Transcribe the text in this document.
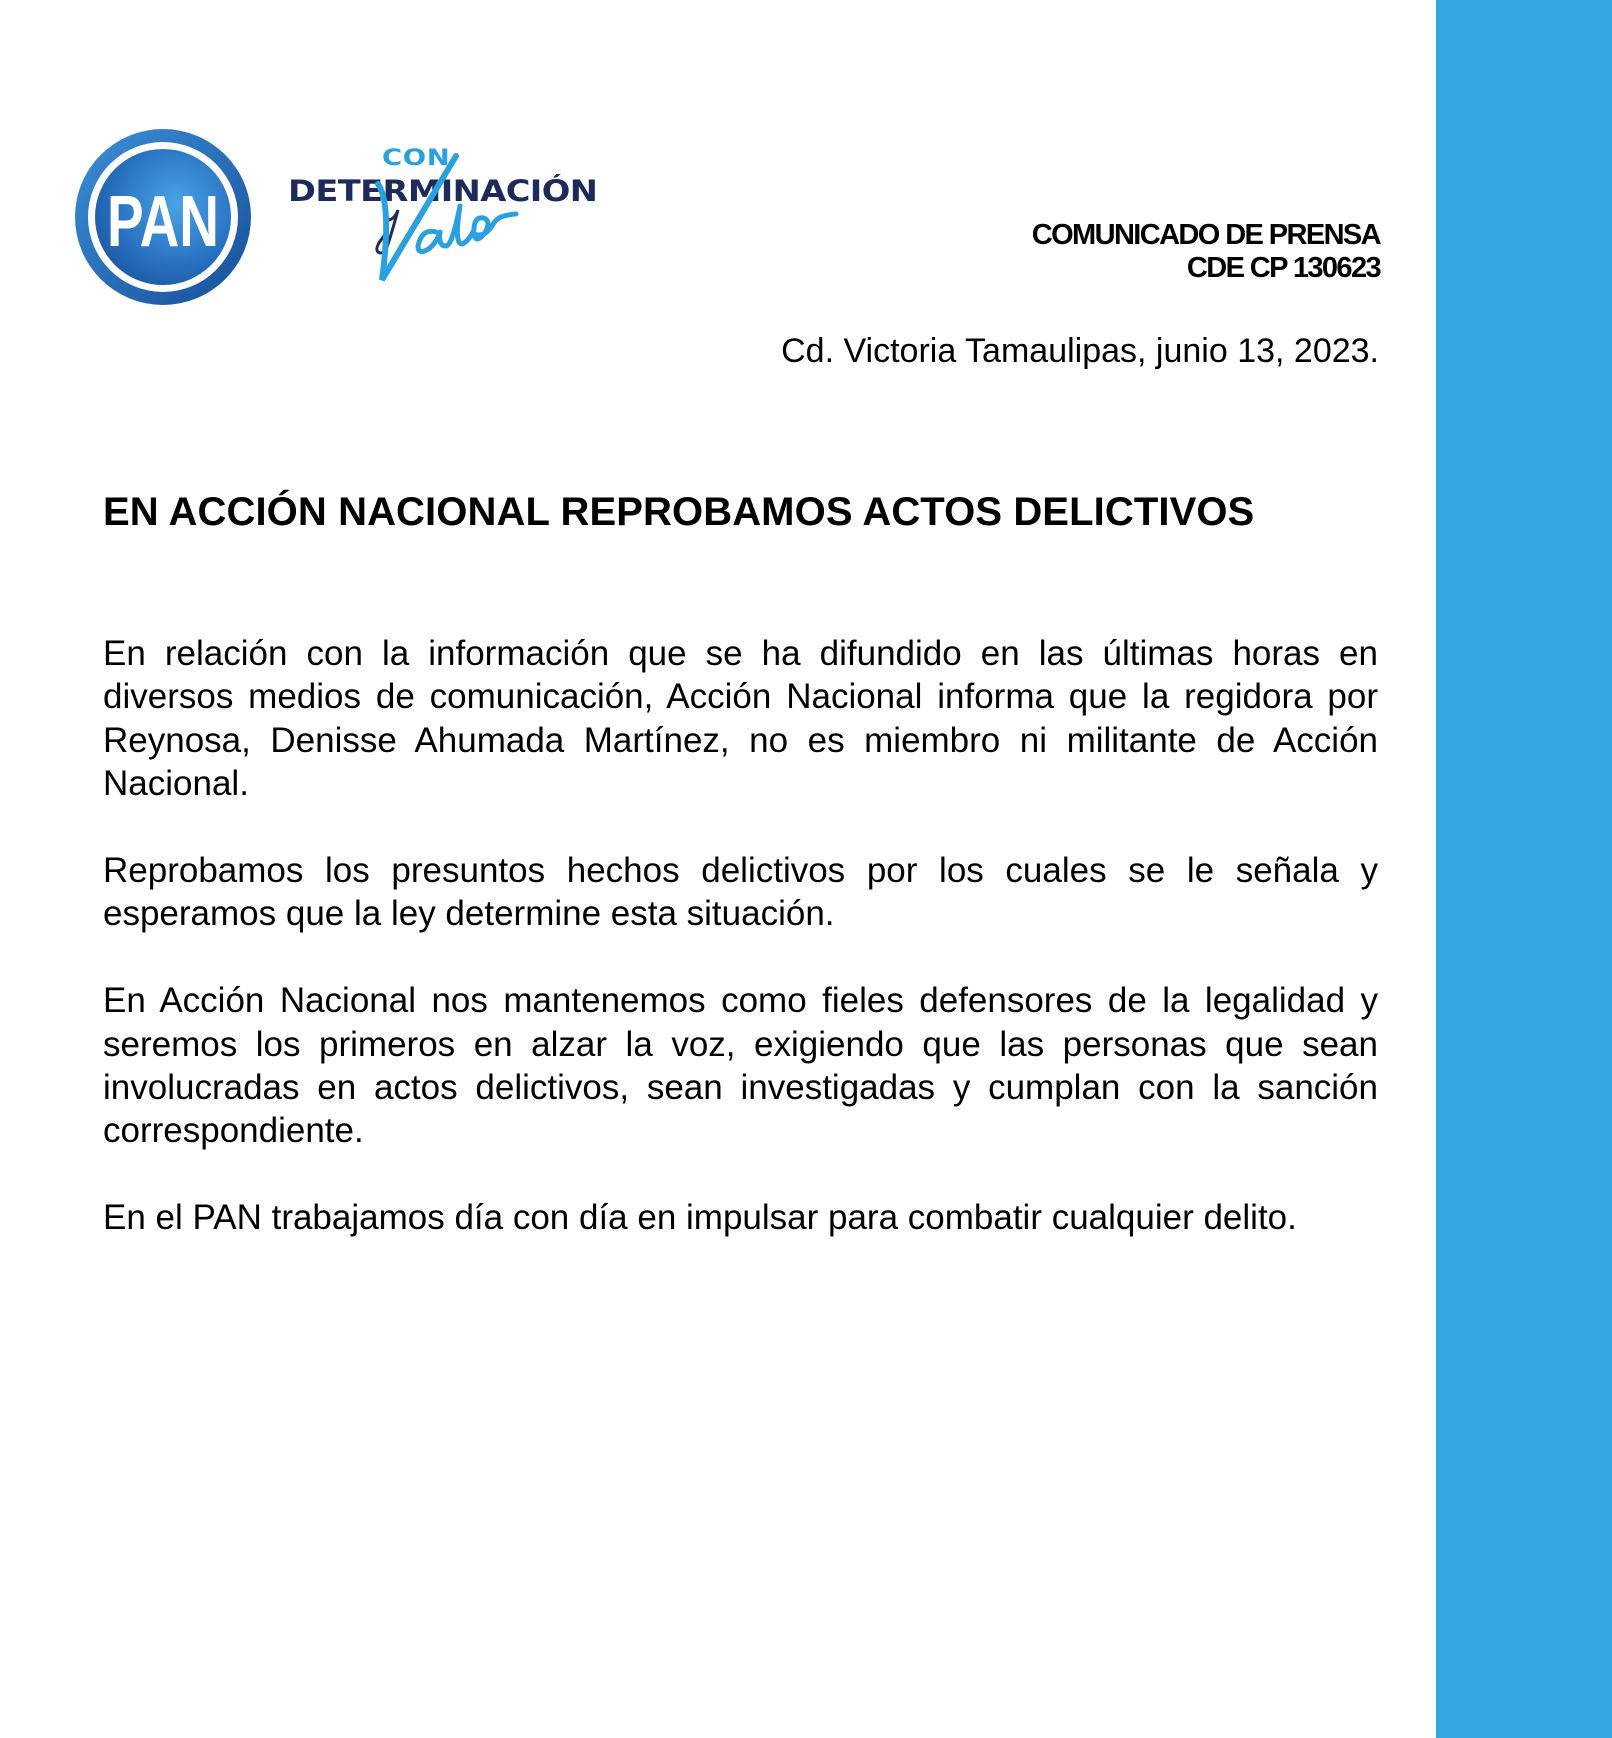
PAN
CON
DETERMINACIÓN
COMUNICADO DE PRENSA
CDE CP 130623
Cd. Victoria Tamaulipas, junio 13, 2023.
EN ACCIÓN NACIONAL REPROBAMOS ACTOS DELICTIVOS

En relación con la información que se ha difundido en las últimas horas en diversos medios de comunicación, Acción Nacional informa que la regidora por Reynosa, Denisse Ahumada Martínez, no es miembro ni militante de Acción Nacional.

Reprobamos los presuntos hechos delictivos por los cuales se le señala y esperamos que la ley determine esta situación.

En Acción Nacional nos mantenemos como fieles defensores de la legalidad y seremos los primeros en alzar la voz, exigiendo que las personas que sean involucradas en actos delictivos, sean investigadas y cumplan con la sanción correspondiente.

En el PAN trabajamos día con día en impulsar para combatir cualquier delito.
